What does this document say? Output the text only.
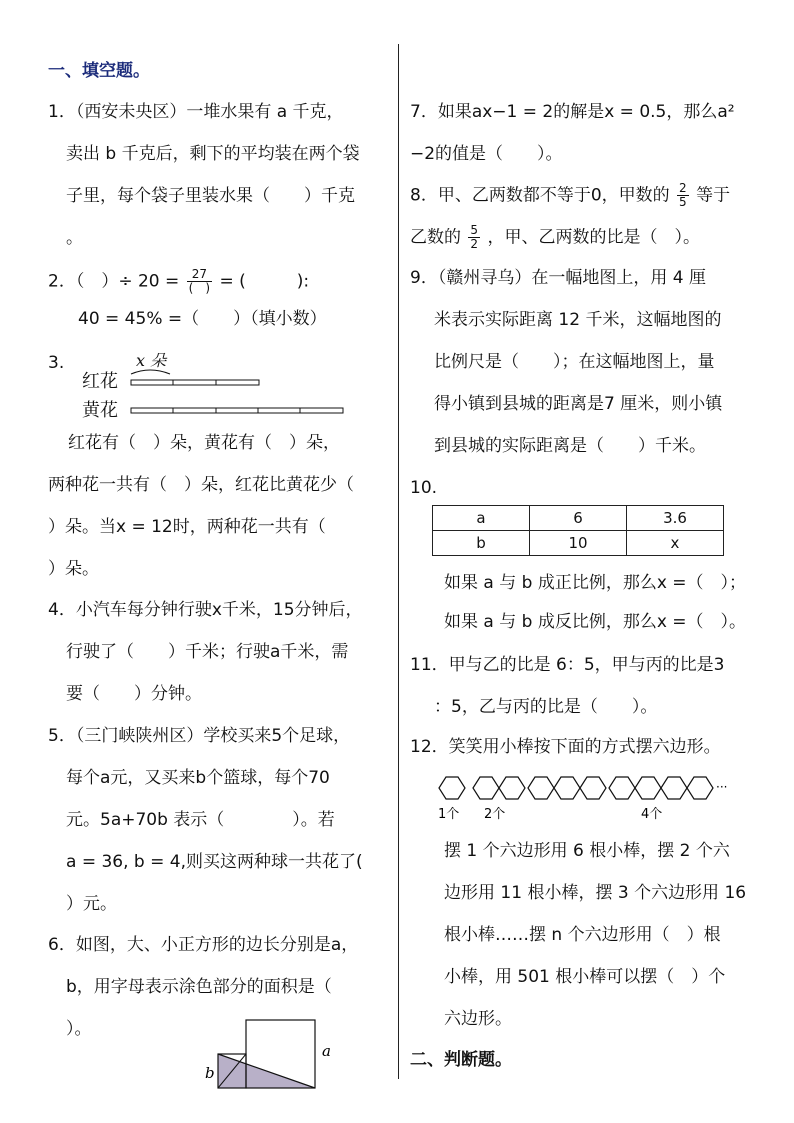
一、填空题。
1．（西安未央区）一堆水果有 a 千克，
卖出 b 千克后，剩下的平均装在两个袋
子里，每个袋子里装水果（　　）千克
。
2．（　）÷ $20 = \frac{27}{( )}$ = (　　　):
40 = 45% =（　　）（填小数）
3.	x 朵
红花
黄花
红花有（　）朵，黄花有（　）朵，
两种花一共有（　）朵，红花比黄花少（
）朵。当x = 12时，两种花一共有（
）朵。
4．小汽车每分钟行驶x千米，15分钟后，
行驶了（　　）千米；行驶a千米，需
要（　　）分钟。
5．（三门峡陕州区）学校买来5个足球，
每个a元，又买来b个篮球，每个70
元。5a+70b 表示（　　　　）。若
a = 36, b = 4,则买这两种球一共花了(
）元。
6．如图，大、小正方形的边长分别是a，
b，用字母表示涂色部分的面积是（
）。
b
a
7．如果ax−1 = 2的解是x = 0.5，那么a²
−2的值是（　　）。
8．甲、乙两数都不等于0，甲数的 $\frac{2}{5}$ 等于
乙数的 $\frac{5}{2}$ ，甲、乙两数的比是（　）。
9．（赣州寻乌）在一幅地图上，用 4 厘
米表示实际距离 12 千米，这幅地图的
比例尺是（　　）；在这幅地图上，量
得小镇到县城的距离是7 厘米，则小镇
到县城的实际距离是（　　）千米。
10.
a	6	3.6
b	10	x
如果 a 与 b 成正比例，那么x =（　）；
如果 a 与 b 成反比例，那么x =（　）。
11．甲与乙的比是 6：5，甲与丙的比是3
：5，乙与丙的比是（　　）。
12．笑笑用小棒按下面的方式摆六边形。
···
1个 2个	4个
摆 1 个六边形用 6 根小棒，摆 2 个六
边形用 11 根小棒，摆 3 个六边形用 16
根小棒……摆 n 个六边形用（　）根
小棒，用 501 根小棒可以摆（　）个
六边形。
二、判断题。
